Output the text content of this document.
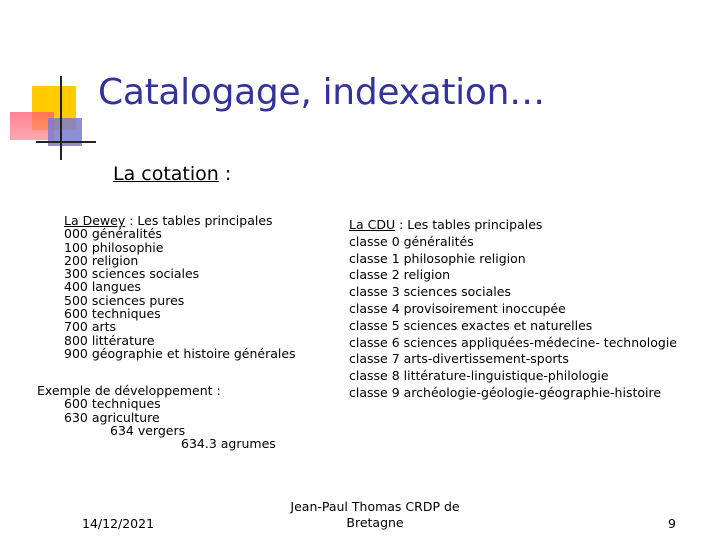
Catalogage, indexation…
La cotation :
La Dewey : Les tables principales
000 généralités
100 philosophie
200 religion
300 sciences sociales
400 langues
500 sciences pures
600 techniques
700 arts
800 littérature
900 géographie et histoire générales
Exemple de développement :
600 techniques
630 agriculture
634 vergers
634.3 agrumes
La CDU : Les tables principales
classe 0 généralités
classe 1 philosophie religion
classe 2 religion
classe 3 sciences sociales
classe 4 provisoirement inoccupée
classe 5 sciences exactes et naturelles
classe 6 sciences appliquées-médecine- technologie
classe 7 arts-divertissement-sports
classe 8 littérature-linguistique-philologie
classe 9 archéologie-géologie-géographie-histoire
14/12/2021
Jean-Paul Thomas CRDP de
Bretagne	9
